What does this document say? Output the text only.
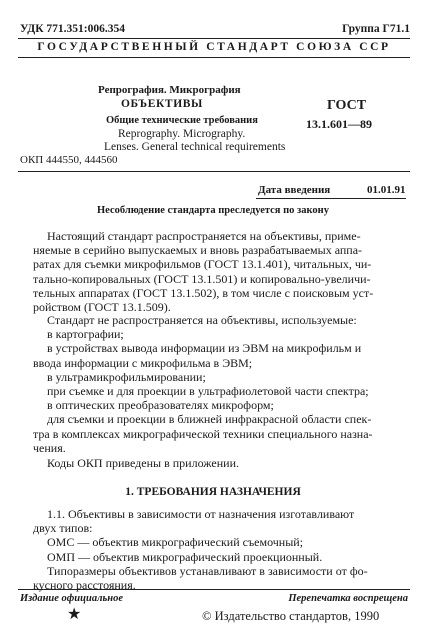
УДК 771.351:006.354	Группа Г71.1
ГОСУДАРСТВЕННЫЙ СТАНДАРТ СОЮЗА ССР
Репрография. Микрография
ОБЪЕКТИВЫ
Общие технические требования
Reprography. Micrography.
Lenses. General technical requirements
ГОСТ
13.1.601—89
ОКП 444550, 444560
Дата введения	01.01.91
Несоблюдение стандарта преследуется по закону
Настоящий стандарт распространяется на объективы, приме-
няемые в серийно выпускаемых и вновь разрабатываемых аппа-
ратах для съемки микрофильмов (ГОСТ 13.1.401), читальных, чи-
тально-копировальных (ГОСТ 13.1.501) и копировально-увеличи-
тельных аппаратах (ГОСТ 13.1.502), в том числе с поисковым уст-
ройством (ГОСТ 13.1.509).
Стандарт не распространяется на объективы, используемые:
в картографии;
в устройствах вывода информации из ЭВМ на микрофильм и
ввода информации с микрофильма в ЭВМ;
в ультрамикрофильмировании;
при съемке и для проекции в ультрафиолетовой части спектра;
в оптических преобразователях микроформ;
для съемки и проекции в ближней инфракрасной области спек-
тра в комплексах микрографической техники специального назна-
чения.
Коды ОКП приведены в приложении.
1. ТРЕБОВАНИЯ НАЗНАЧЕНИЯ
1.1. Объективы в зависимости от назначения изготавливают
двух типов:
ОМС — объектив микрографический съемочный;
ОМП — объектив микрографический проекционный.
Типоразмеры объективов устанавливают в зависимости от фо-
кусного расстояния.
Издание официальное	Перепечатка воспрещена
★	© Издательство стандартов, 1990
